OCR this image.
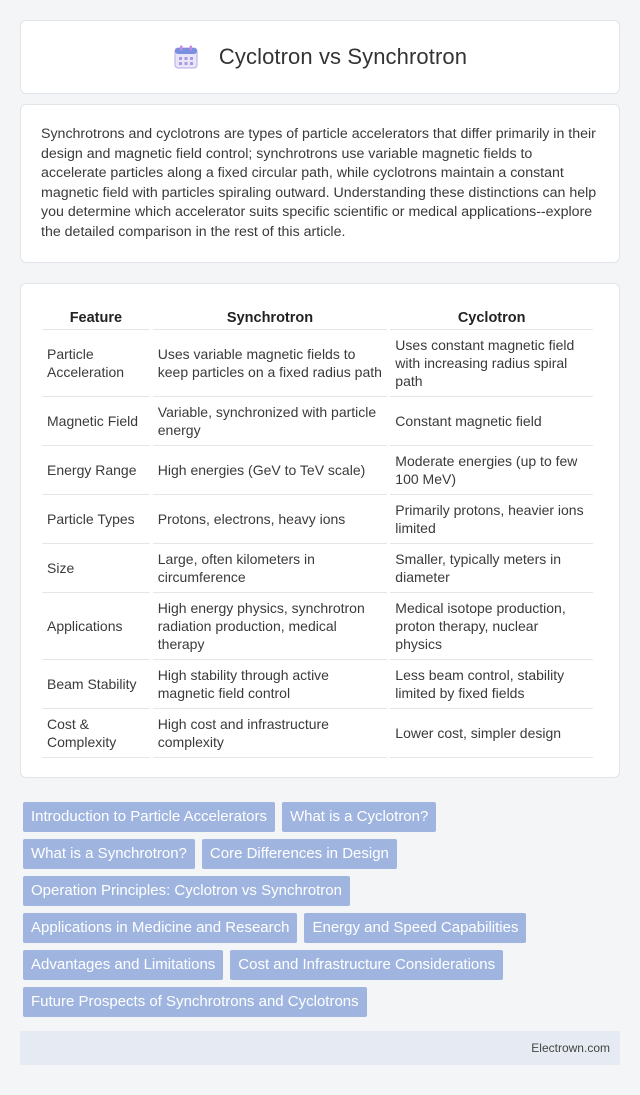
Cyclotron vs Synchrotron

Synchrotrons and cyclotrons are types of particle accelerators that differ primarily in their design and magnetic field control; synchrotrons use variable magnetic fields to accelerate particles along a fixed circular path, while cyclotrons maintain a constant magnetic field with particles spiraling outward. Understanding these distinctions can help you determine which accelerator suits specific scientific or medical applications--explore the detailed comparison in the rest of this article.

Feature	Synchrotron	Cyclotron
Particle Acceleration	Uses variable magnetic fields to keep particles on a fixed radius path	Uses constant magnetic field with increasing radius spiral path
Magnetic Field	Variable, synchronized with particle energy	Constant magnetic field
Energy Range	High energies (GeV to TeV scale)	Moderate energies (up to few 100 MeV)
Particle Types	Protons, electrons, heavy ions	Primarily protons, heavier ions limited
Size	Large, often kilometers in circumference	Smaller, typically meters in diameter
Applications	High energy physics, synchrotron radiation production, medical therapy	Medical isotope production, proton therapy, nuclear physics
Beam Stability	High stability through active magnetic field control	Less beam control, stability limited by fixed fields
Cost & Complexity	High cost and infrastructure complexity	Lower cost, simpler design
Introduction to Particle Accelerators	What is a Cyclotron?
What is a Synchrotron?	Core Differences in Design
Operation Principles: Cyclotron vs Synchrotron
Applications in Medicine and Research	Energy and Speed Capabilities
Advantages and Limitations	Cost and Infrastructure Considerations
Future Prospects of Synchrotrons and Cyclotrons
Electrown.com
